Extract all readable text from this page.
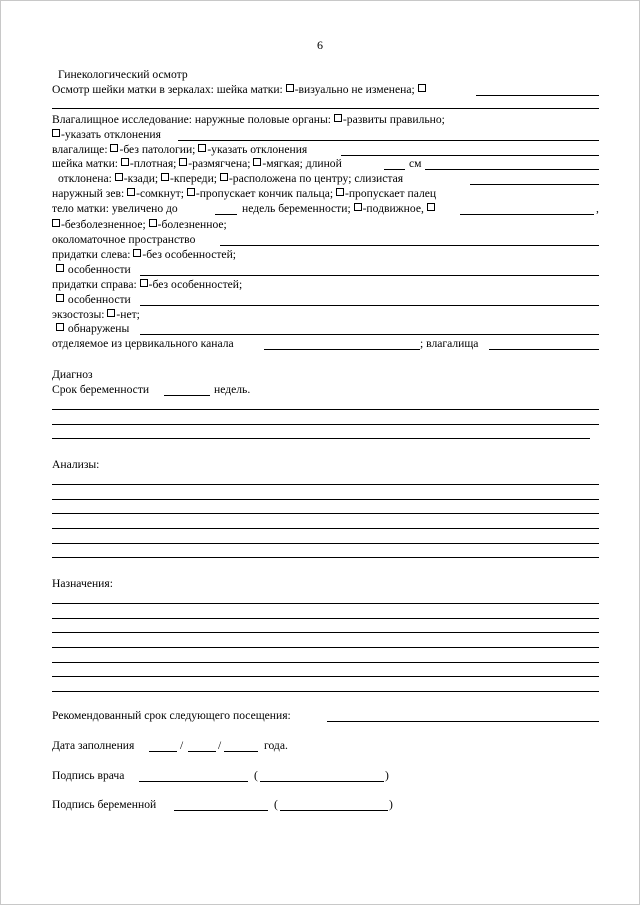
6
Гинекологический осмотр
Осмотр шейки матки в зеркалах: шейка матки: -визуально не изменена;
Влагалищное исследование: наружные половые органы: -развиты правильно;
-указать отклонения
влагалище: -без патологии; -указать отклонения
шейка матки: -плотная; -размягчена; -мягкая; длиной	см
отклонена: -кзади; -кпереди; -расположена по центру; слизистая
наружный зев: -сомкнут; -пропускает кончик пальца; -пропускает палец
тело матки: увеличено до	недель беременности; -подвижное,	,
-безболезненное; -болезненное;
околоматочное пространство
придатки слева: -без особенностей;
особенности
придатки справа: -без особенностей;
особенности
экзостозы: -нет;
обнаружены
отделяемое из цервикального канала	; влагалища
Диагноз
Срок беременности	недель.
Анализы:
Назначения:
Рекомендованный срок следующего посещения:
Дата заполнения	/	/	года.
Подпись врача	(	)
Подпись беременной	(	)
